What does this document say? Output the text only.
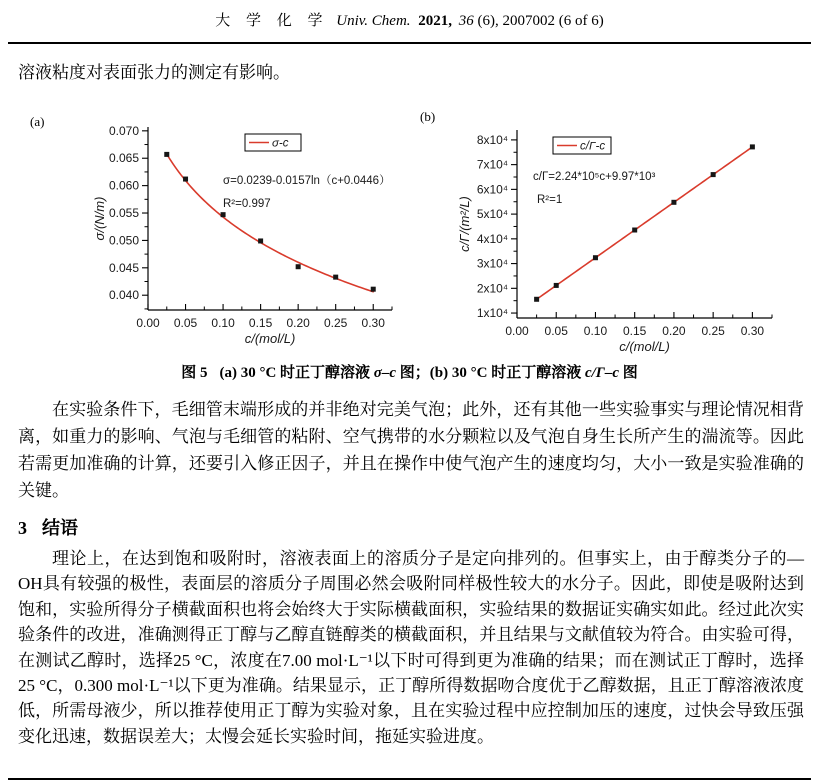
大 学 化 学 Univ. Chem. 2021, 36 (6), 2007002 (6 of 6)
溶液粘度对表面张力的测定有影响。
(a)	(b)
0.00 0.05 0.10 0.15 0.20 0.25 0.30
0.040
0.045
0.050
0.055
0.060
0.065
0.070
σ/(N/m)
c/(mol/L)
σ-c
σ=0.0239-0.0157ln（c+0.0446）
R²=0.997
0.00 0.05 0.10 0.15 0.20 0.25 0.30
1x10⁴
2x10⁴
3x10⁴
4x10⁴
5x10⁴
6x10⁴
7x10⁴
8x10⁴
c/Γ/(m²/L)
c/(mol/L)
c/Γ-c
c/Γ=2.24*10⁵c+9.97*10³
R²=1
图 5 (a) 30 °C 时正丁醇溶液 σ–c 图；(b) 30 °C 时正丁醇溶液 c/Γ–c 图
在实验条件下，毛细管末端形成的并非绝对完美气泡；此外，还有其他一些实验事实与理论情况相背离，如重力的影响、气泡与毛细管的粘附、空气携带的水分颗粒以及气泡自身生长所产生的湍流等。因此若需更加准确的计算，还要引入修正因子，并且在操作中使气泡产生的速度均匀，大小一致是实验准确的关键。
3 结语
理论上，在达到饱和吸附时，溶液表面上的溶质分子是定向排列的。但事实上，由于醇类分子的—OH具有较强的极性，表面层的溶质分子周围必然会吸附同样极性较大的水分子。因此，即使是吸附达到饱和，实验所得分子横截面积也将会始终大于实际横截面积，实验结果的数据证实确实如此。经过此次实验条件的改进，准确测得正丁醇与乙醇直链醇类的横截面积，并且结果与文献值较为符合。由实验可得，在测试乙醇时，选择25 °C，浓度在7.00 mol·L⁻¹以下时可得到更为准确的结果；而在测试正丁醇时，选择25 °C，0.300 mol·L⁻¹以下更为准确。结果显示，正丁醇所得数据吻合度优于乙醇数据，且正丁醇溶液浓度低，所需母液少，所以推荐使用正丁醇为实验对象，且在实验过程中应控制加压的速度，过快会导致压强变化迅速，数据误差大；太慢会延长实验时间，拖延实验进度。
